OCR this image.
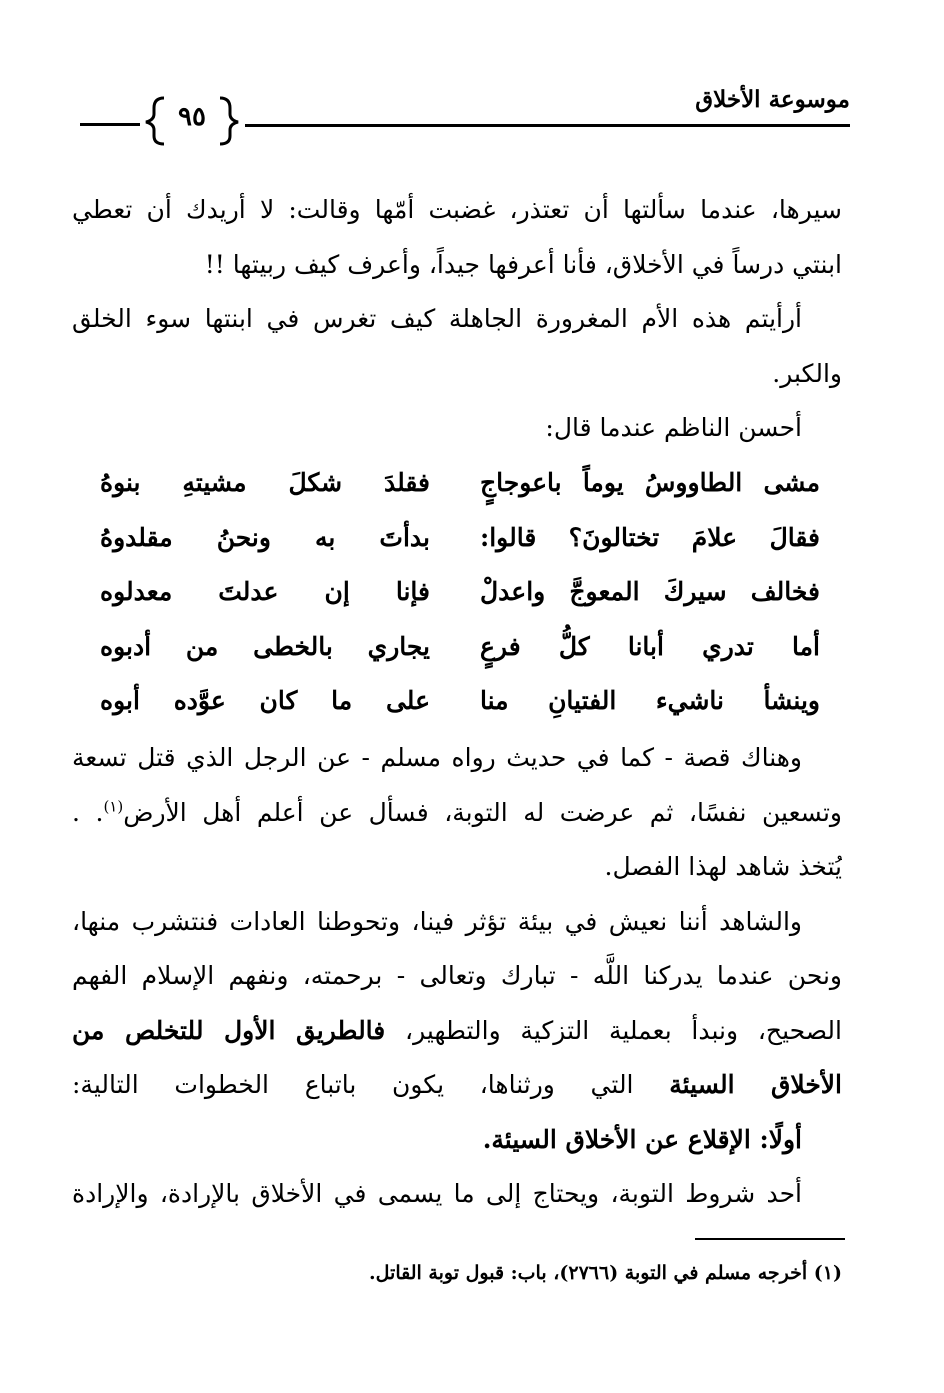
موسوعة الأخلاق
٩٥
سيرها، عندما سألتها أن تعتذر، غضبت أمّها وقالت: لا أريدك أن تعطي
ابنتي درساً في الأخلاق، فأنا أعرفها جيداً، وأعرف كيف ربيتها !!
أرأيتم هذه الأم المغرورة الجاهلة كيف تغرس في ابنتها سوء الخلق
والكبر.
أحسن الناظم عندما قال:
مشى الطاووسُ يوماً باعوجاجٍ
فقلدَ شكلَ مشيتهِ بنوهُ
فقالَ علامَ تختالونَ؟ قالوا:
بدأتَ به ونحنُ مقلدوهُ
فخالف سيركَ المعوجَّ واعدلْ
فإنا إن عدلتَ معدلوه
أما تدري أبانا كلُّ فرعٍ
يجاري بالخطى من أدبوه
وينشأ ناشيء الفتيانِ منا
على ما كان عوَّده أبوه
وهناك قصة - كما في حديث رواه مسلم - عن الرجل الذي قتل تسعة
وتسعين نفسًا، ثم عرضت له التوبة، فسأل عن أعلم أهل الأرض$^{(١)}$. .
يُتخذ شاهد لهذا الفصل.
والشاهد أننا نعيش في بيئة تؤثر فينا، وتحوطنا العادات فنتشرب منها،
ونحن عندما يدركنا اللَّه - تبارك وتعالى - برحمته، ونفهم الإسلام الفهم
الصحيح، ونبدأ بعملية التزكية والتطهير، فالطريق الأول للتخلص من
الأخلاق السيئة التي ورثناها، يكون باتباع الخطوات التالية:
أولًا: الإقلاع عن الأخلاق السيئة.
أحد شروط التوبة، ويحتاج إلى ما يسمى في الأخلاق بالإرادة، والإرادة
(١) أخرجه مسلم في التوبة (٢٧٦٦)، باب: قبول توبة القاتل.
